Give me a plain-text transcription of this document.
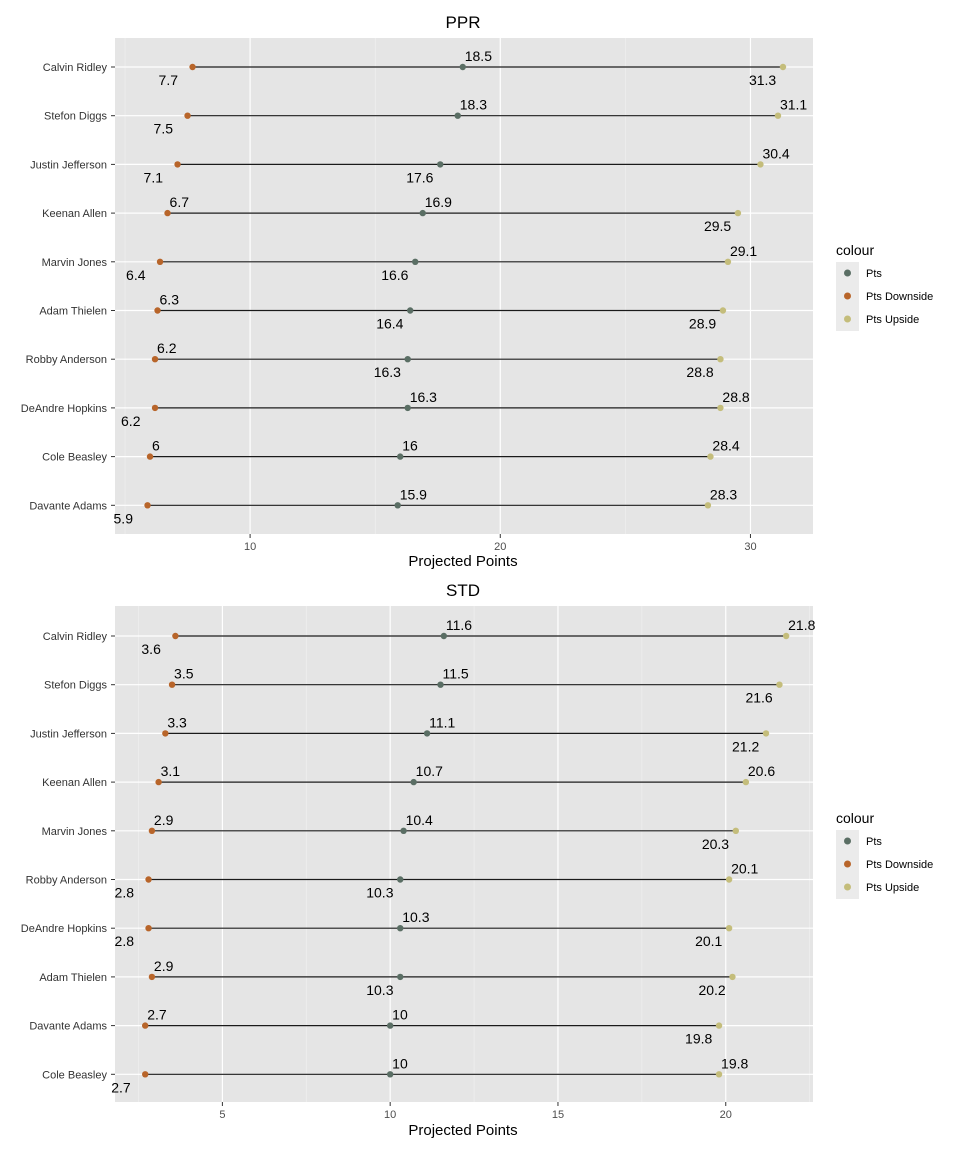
PPR
7.7
18.5
31.3
7.5
18.3	31.1
7.1	17.6
30.4
6.7	16.9
29.5
6.4	16.6
29.1
6.3
16.4	28.9
6.2
16.3	28.8
6.2
16.3	28.8
6	16	28.4
5.9
15.9	28.3
Calvin Ridley
Stefon Diggs
Justin Jefferson
Keenan Allen
Marvin Jones
Adam Thielen
Robby Anderson
DeAndre Hopkins
Cole Beasley
Davante Adams
10	20	30
Projected Points
colour
Pts
Pts Downside
Pts Upside
STD
3.6
11.6	21.8
3.5	11.5
21.6
3.3	11.1
21.2
3.1	10.7	20.6
2.9	10.4
20.3
2.8	10.3
20.1
2.8
10.3
20.1
2.9
10.3	20.2
2.7	10
19.8
2.7
10	19.8
Calvin Ridley
Stefon Diggs
Justin Jefferson
Keenan Allen
Marvin Jones
Robby Anderson
DeAndre Hopkins
Adam Thielen
Davante Adams
Cole Beasley
5	10	15	20
Projected Points
colour
Pts
Pts Downside
Pts Upside
